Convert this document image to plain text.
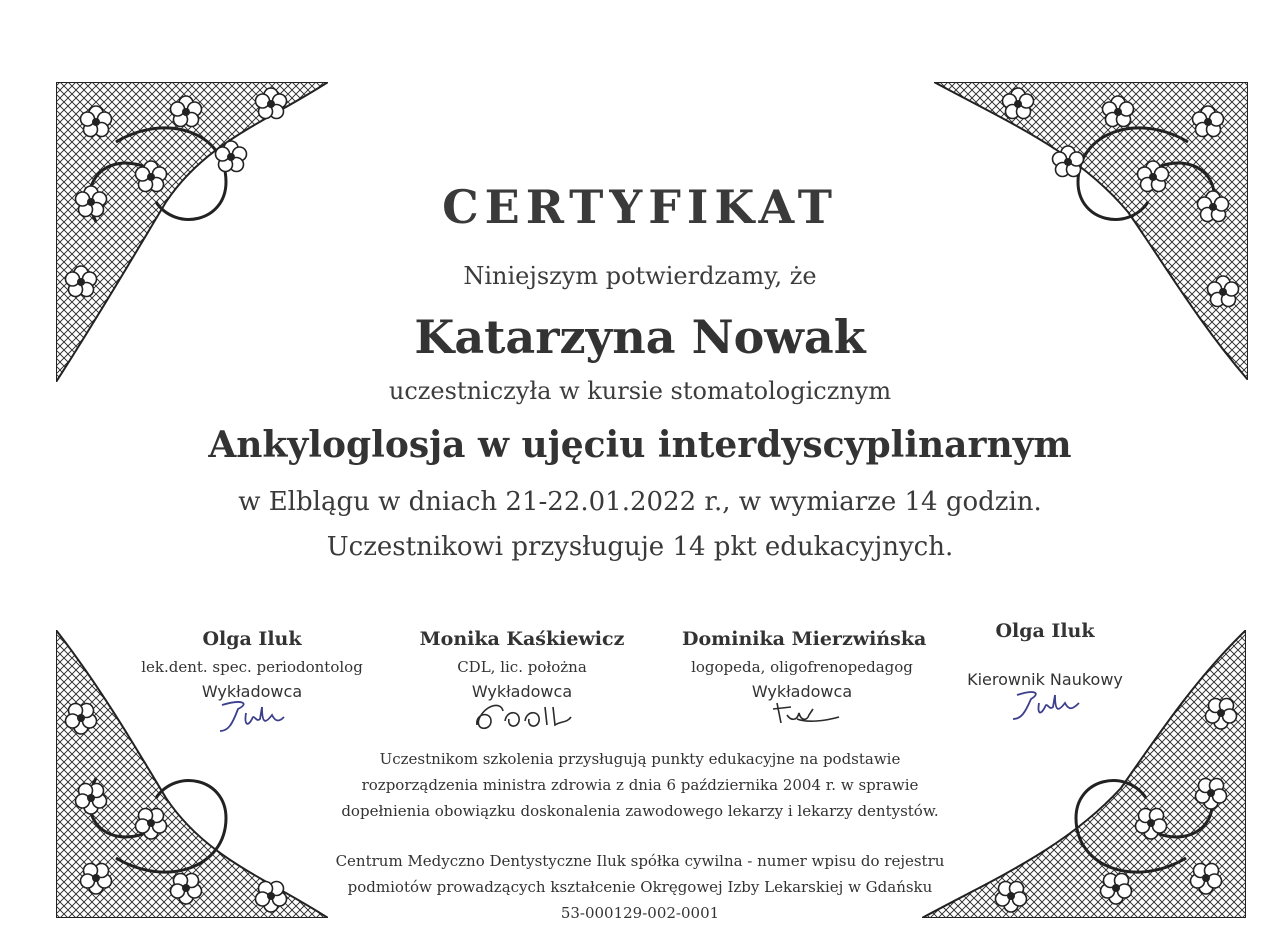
CERTYFIKAT
Niniejszym potwierdzamy, że
Katarzyna Nowak
uczestniczyła w kursie stomatologicznym
Ankyloglosja w ujęciu interdyscyplinarnym
w Elblągu w dniach 21-22.01.2022 r., w wymiarze 14 godzin.
Uczestnikowi przysługuje 14 pkt edukacyjnych.
Olga Iluk
lek.dent. spec. periodontolog
Wykładowca
Monika Kaśkiewicz
CDL, lic. położna
Wykładowca
Dominika Mierzwińska
logopeda, oligofrenopedagog
Wykładowca
Olga Iluk
Kierownik Naukowy
Uczestnikom szkolenia przysługują punkty edukacyjne na podstawie
rozporządzenia ministra zdrowia z dnia 6 października 2004 r. w sprawie
dopełnienia obowiązku doskonalenia zawodowego lekarzy i lekarzy dentystów.
Centrum Medyczno Dentystyczne Iluk spółka cywilna - numer wpisu do rejestru
podmiotów prowadzących kształcenie Okręgowej Izby Lekarskiej w Gdańsku
53-000129-002-0001
